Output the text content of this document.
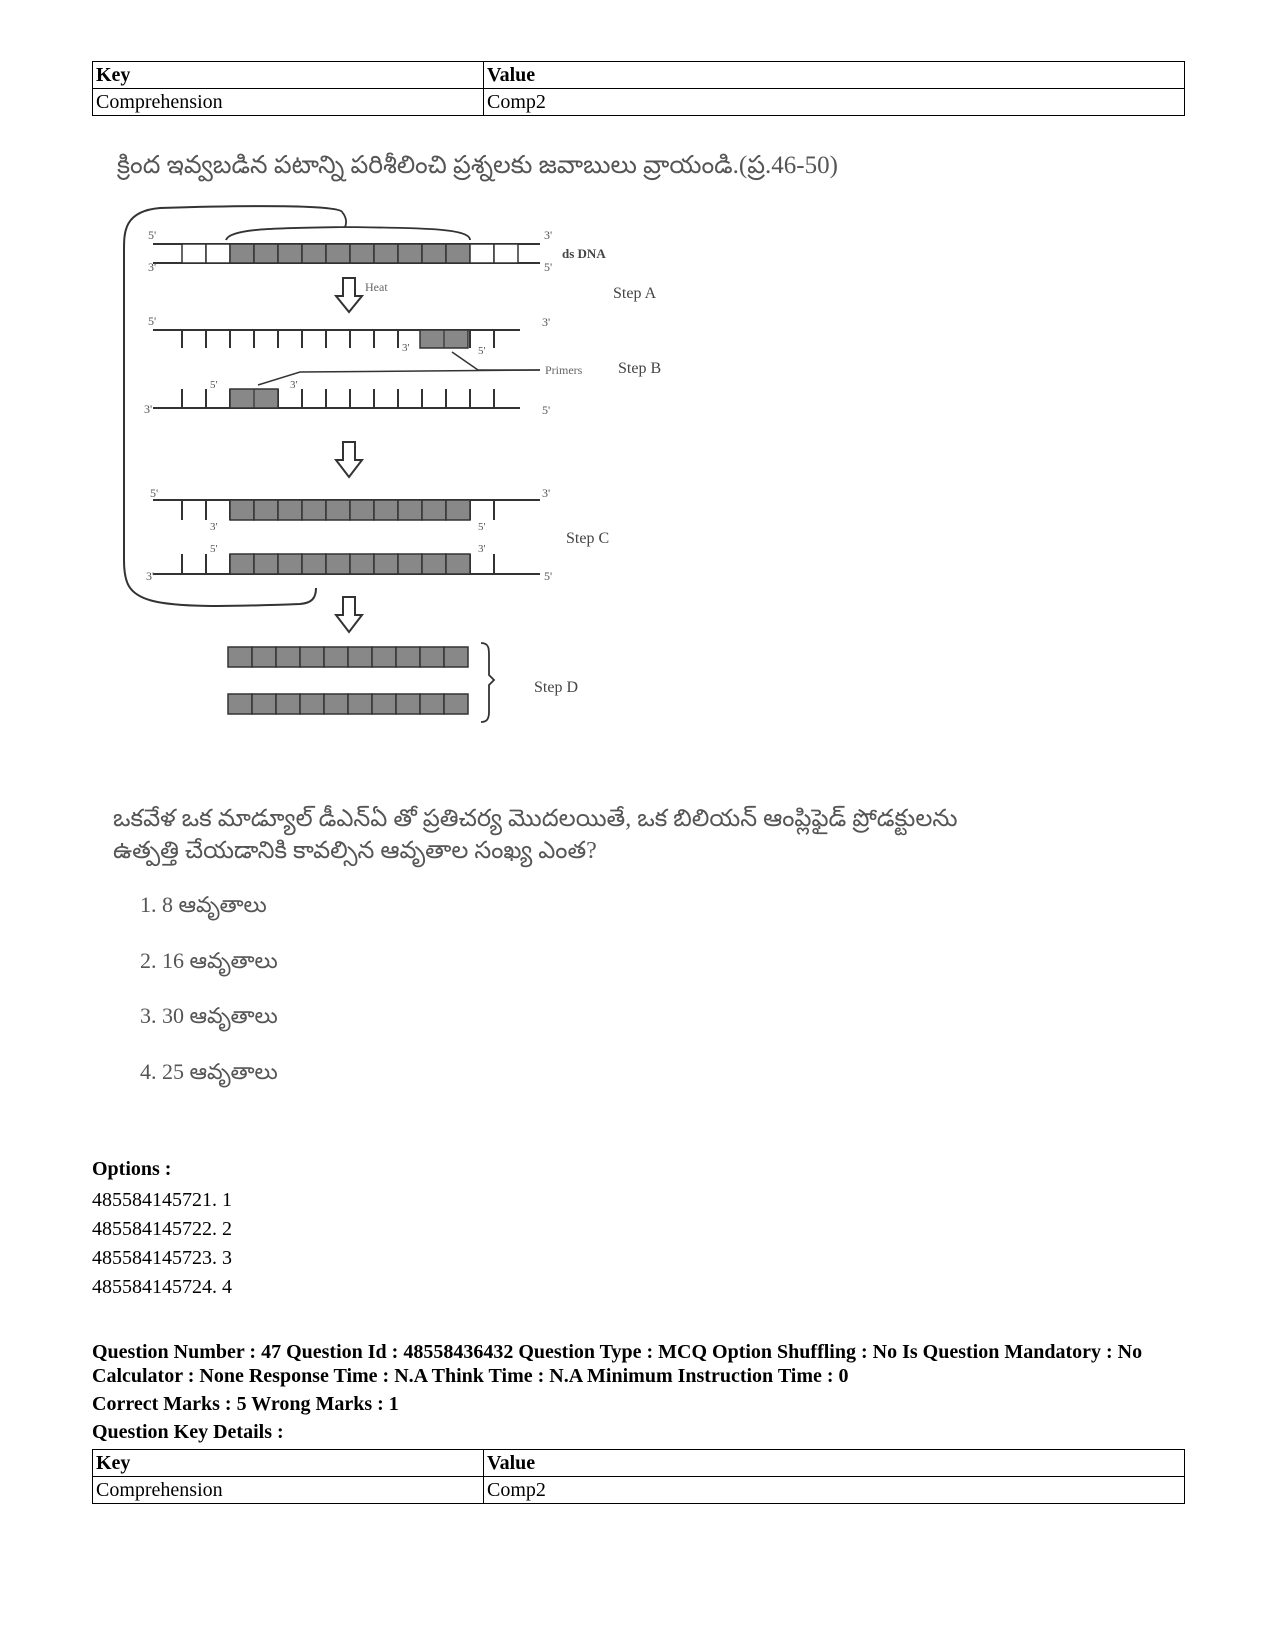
Key	Value
Comprehension	Comp2
క్రింద ఇవ్వబడిన పటాన్ని పరిశీలించి ప్రశ్నలకు జవాబులు వ్రాయండి.(ప్ర.46-50)
5'
3'
3'
5'
ds DNA
Heat	Step A
5'	3'
3'	5'
Primers Step B
3'	5'
5'	3'
5'	3'
3'	5'
5'	3'
3'	5'
Step C
Step D
ఒకవేళ ఒక మాడ్యూల్ డీఎన్ఏ తో ప్రతిచర్య మొదలయితే, ఒక బిలియన్ ఆంప్లిఫైడ్ ప్రోడక్టులను
ఉత్పత్తి చేయడానికి కావల్సిన ఆవృతాల సంఖ్య ఎంత?
1. 8 ఆవృతాలు
2. 16 ఆవృతాలు
3. 30 ఆవృతాలు
4. 25 ఆవృతాలు
Options :
485584145721. 1
485584145722. 2
485584145723. 3
485584145724. 4
Question Number : 47 Question Id : 48558436432 Question Type : MCQ Option Shuffling : No Is Question Mandatory : No Calculator : None Response Time : N.A Think Time : N.A Minimum Instruction Time : 0
Correct Marks : 5 Wrong Marks : 1
Question Key Details :
Key	Value
Comprehension	Comp2
